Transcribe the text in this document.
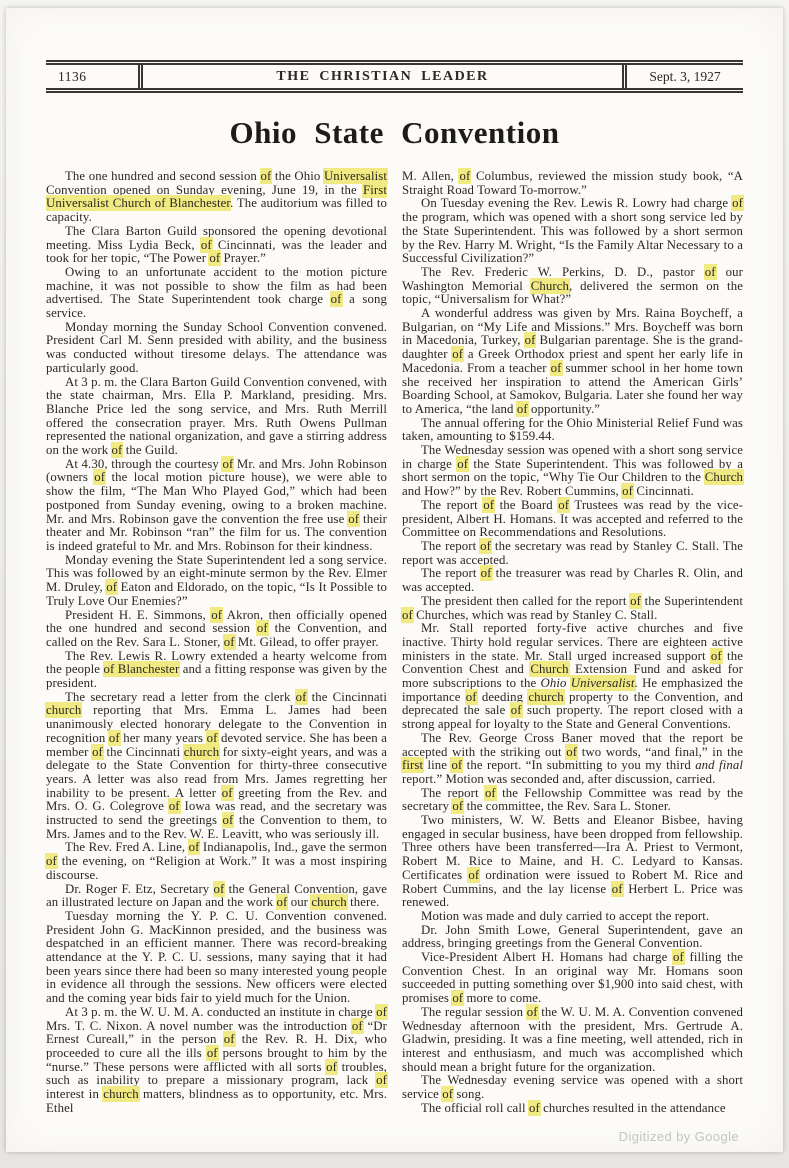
1136	THE CHRISTIAN LEADER	Sept. 3, 1927
Ohio State Convention

The one hundred and second session of the Ohio Universalist Convention opened on Sunday evening, June 19, in the First Universalist Church of Blanchester. The auditorium was filled to capacity.

The Clara Barton Guild sponsored the opening devotional meeting. Miss Lydia Beck, of Cincinnati, was the leader and took for her topic, “The Power of Prayer.”

Owing to an unfortunate accident to the motion picture machine, it was not possible to show the film as had been advertised. The State Superintendent took charge of a song service.

Monday morning the Sunday School Convention convened. President Carl M. Senn presided with ability, and the business was conducted without tiresome delays. The attendance was particularly good.

At 3 p. m. the Clara Barton Guild Convention convened, with the state chairman, Mrs. Ella P. Markland, presiding. Mrs. Blanche Price led the song service, and Mrs. Ruth Merrill offered the consecration prayer. Mrs. Ruth Owens Pullman represented the national organization, and gave a stirring address on the work of the Guild.

At 4.30, through the courtesy of Mr. and Mrs. John Robinson (owners of the local motion picture house), we were able to show the film, “The Man Who Played God,” which had been postponed from Sunday evening, owing to a broken machine. Mr. and Mrs. Robinson gave the convention the free use of their theater and Mr. Robinson “ran” the film for us. The convention is indeed grateful to Mr. and Mrs. Robinson for their kindness.

Monday evening the State Superintendent led a song service. This was followed by an eight-minute sermon by the Rev. Elmer M. Druley, of Eaton and Eldorado, on the topic, “Is It Possible to Truly Love Our Enemies?”

President H. E. Simmons, of Akron, then officially opened the one hundred and second session of the Convention, and called on the Rev. Sara L. Stoner, of Mt. Gilead, to offer prayer.

The Rev. Lewis R. Lowry extended a hearty welcome from the people of Blanchester and a fitting response was given by the president.

The secretary read a letter from the clerk of the Cincinnati church reporting that Mrs. Emma L. James had been unanimously elected honorary delegate to the Convention in recognition of her many years of devoted service. She has been a member of the Cincinnati church for sixty-eight years, and was a delegate to the State Convention for thirty-three consecutive years. A letter was also read from Mrs. James regretting her inability to be present. A letter of greeting from the Rev. and Mrs. O. G. Colegrove of Iowa was read, and the secretary was instructed to send the greetings of the Convention to them, to Mrs. James and to the Rev. W. E. Leavitt, who was seriously ill.

The Rev. Fred A. Line, of Indianapolis, Ind., gave the sermon of the evening, on “Religion at Work.” It was a most inspiring discourse.

Dr. Roger F. Etz, Secretary of the General Convention, gave an illustrated lecture on Japan and the work of our church there.

Tuesday morning the Y. P. C. U. Convention convened. President John G. MacKinnon presided, and the business was despatched in an efficient manner. There was record-breaking attendance at the Y. P. C. U. sessions, many saying that it had been years since there had been so many interested young people in evidence all through the sessions. New officers were elected and the coming year bids fair to yield much for the Union.

At 3 p. m. the W. U. M. A. conducted an institute in charge of Mrs. T. C. Nixon. A novel number was the introduction of “Dr Ernest Cureall,” in the person of the Rev. R. H. Dix, who proceeded to cure all the ills of persons brought to him by the “nurse.” These persons were afflicted with all sorts of troubles, such as inability to prepare a missionary program, lack of interest in church matters, blindness as to opportunity, etc. Mrs. Ethel

M. Allen, of Columbus, reviewed the mission study book, “A Straight Road Toward To-morrow.”

On Tuesday evening the Rev. Lewis R. Lowry had charge of the program, which was opened with a short song service led by the State Superintendent. This was followed by a short sermon by the Rev. Harry M. Wright, “Is the Family Altar Necessary to a Successful Civilization?”

The Rev. Frederic W. Perkins, D. D., pastor of our Washington Memorial Church, delivered the sermon on the topic, “Universalism for What?”

A wonderful address was given by Mrs. Raina Boycheff, a Bulgarian, on “My Life and Missions.” Mrs. Boycheff was born in Macedonia, Turkey, of Bulgarian parentage. She is the grand-daughter of a Greek Orthodox priest and spent her early life in Macedonia. From a teacher of summer school in her home town she received her inspiration to attend the American Girls’ Boarding School, at Samokov, Bulgaria. Later she found her way to America, “the land of opportunity.”

The annual offering for the Ohio Ministerial Relief Fund was taken, amounting to $159.44.

The Wednesday session was opened with a short song service in charge of the State Superintendent. This was followed by a short sermon on the topic, “Why Tie Our Children to the Church and How?” by the Rev. Robert Cummins, of Cincinnati.

The report of the Board of Trustees was read by the vice-president, Albert H. Homans. It was accepted and referred to the Committee on Recommendations and Resolutions.

The report of the secretary was read by Stanley C. Stall. The report was accepted.

The report of the treasurer was read by Charles R. Olin, and was accepted.

The president then called for the report of the Superintendent of Churches, which was read by Stanley C. Stall.

Mr. Stall reported forty-five active churches and five inactive. Thirty hold regular services. There are eighteen active ministers in the state. Mr. Stall urged increased support of the Convention Chest and Church Extension Fund and asked for more subscriptions to the Ohio Universalist. He emphasized the importance of deeding church property to the Convention, and deprecated the sale of such property. The report closed with a strong appeal for loyalty to the State and General Conventions.

The Rev. George Cross Baner moved that the report be accepted with the striking out of two words, “and final,” in the first line of the report. “In submitting to you my third and final report.” Motion was seconded and, after discussion, carried.

The report of the Fellowship Committee was read by the secretary of the committee, the Rev. Sara L. Stoner.

Two ministers, W. W. Betts and Eleanor Bisbee, having engaged in secular business, have been dropped from fellowship. Three others have been transferred—Ira A. Priest to Vermont, Robert M. Rice to Maine, and H. C. Ledyard to Kansas. Certificates of ordination were issued to Robert M. Rice and Robert Cummins, and the lay license of Herbert L. Price was renewed.

Motion was made and duly carried to accept the report.

Dr. John Smith Lowe, General Superintendent, gave an address, bringing greetings from the General Convention.

Vice-President Albert H. Homans had charge of filling the Convention Chest. In an original way Mr. Homans soon succeeded in putting something over $1,900 into said chest, with promises of more to come.

The regular session of the W. U. M. A. Convention convened Wednesday afternoon with the president, Mrs. Gertrude A. Gladwin, presiding. It was a fine meeting, well attended, rich in interest and enthusiasm, and much was accomplished which should mean a bright future for the organization.

The Wednesday evening service was opened with a short service of song.

The official roll call of churches resulted in the attendance

Digitized by Google
